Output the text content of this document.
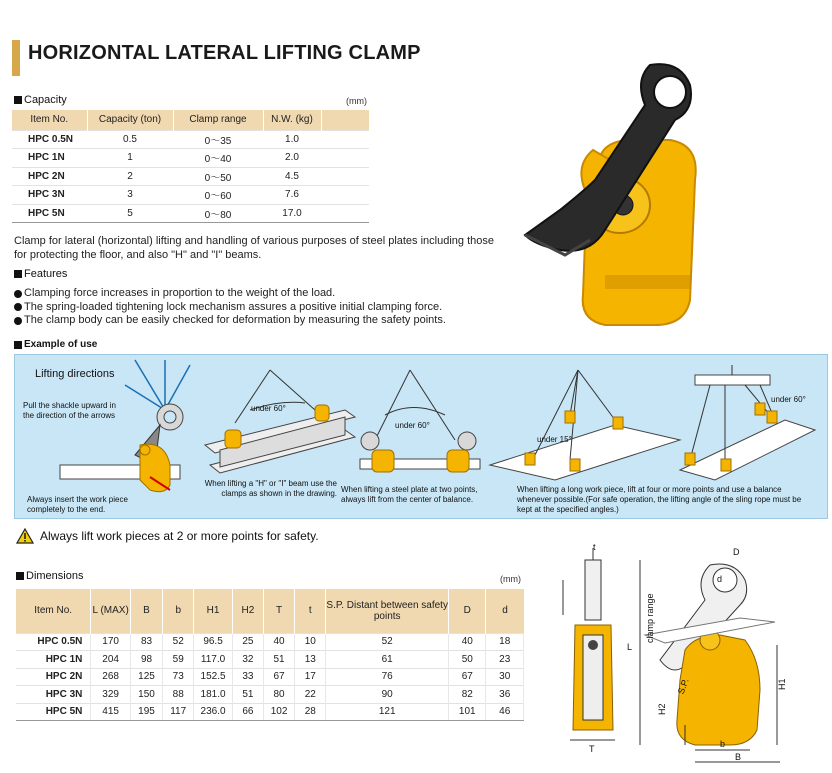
HORIZONTAL LATERAL LIFTING CLAMP
Capacity	(mm)
Item No.	Capacity (ton)	Clamp range	N.W. (kg)	
HPC 0.5N	0.5	0～35	1.0	
HPC 1N	1	0～40	2.0	
HPC 2N	2	0～50	4.5	
HPC 3N	3	0～60	7.6	
HPC 5N	5	0～80	17.0	
Clamp for lateral (horizontal) lifting and handling of various purposes of steel plates including those for protecting the floor, and also "H" and "I" beams.
Features
Clamping force increases in proportion to the weight of the load.
The spring-loaded tightening lock mechanism assures a positive initial clamping force.
The clamp body can be easily checked for deformation by measuring the safety points.
Example of use
Lifting directions
Pull the shackle upward in the direction of the arrows
Always insert the work piece completely to the end.
under 60°
When lifting a "H" or "I" beam use the clamps as shown in the drawing.
under 60°
When lifting a steel plate at two points, always lift from the center of balance.
under 15°
under 60°
When lifting a long work piece, lift at four or more points and use a balance whenever possible.(For safe operation, the lifting angle of the sling rope must be kept at the specified angles.)
Always lift work pieces at 2 or more points for safety.
Dimensions	(mm)
Item No.	L (MAX)	B	b	H1	H2	T	t	S.P. Distant between safety points	D	d
HPC 0.5N	170	83	52	96.5	25	40	10	52	40	18
HPC 1N	204	98	59	117.0	32	51	13	61	50	23
HPC 2N	268	125	73	152.5	33	67	17	76	67	30
HPC 3N	329	150	88	181.0	51	80	22	90	82	36
HPC 5N	415	195	117	236.0	66	102	28	121	101	46
t
T
D
d
L
clamp range
H1
H2
S.P.
b
B
